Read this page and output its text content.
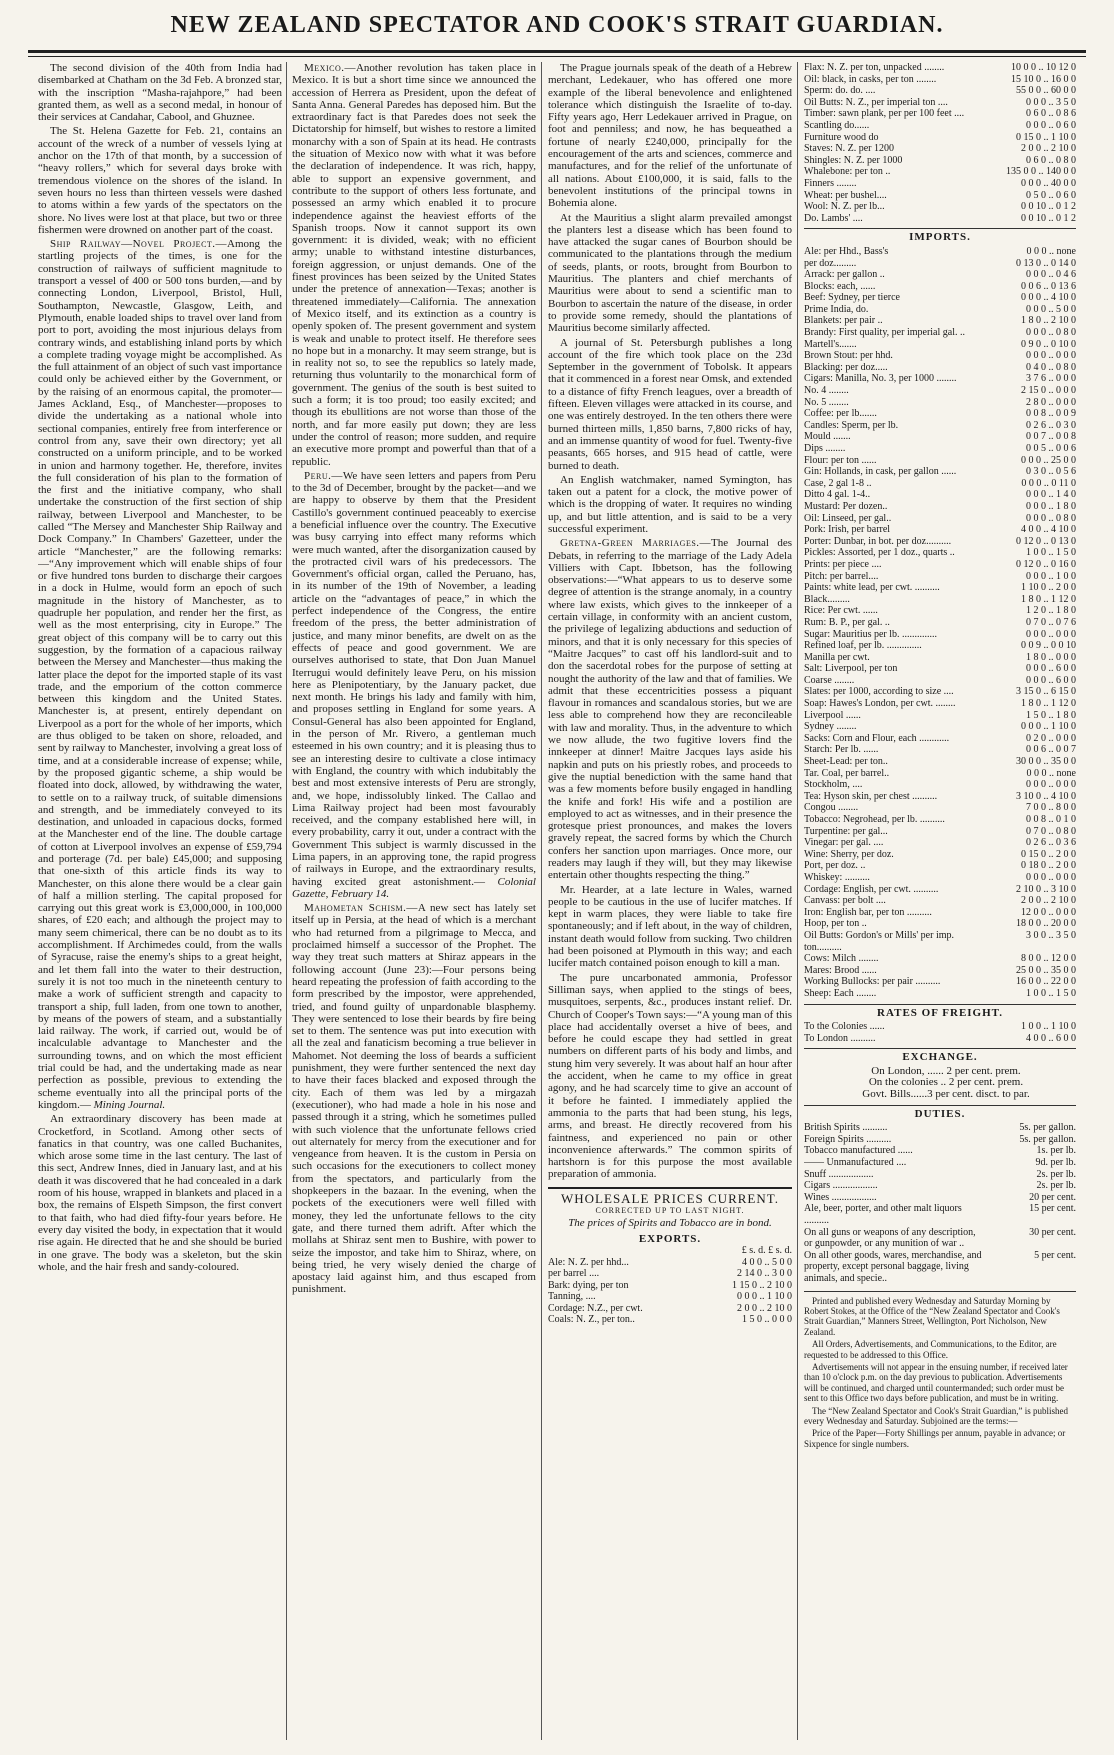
NEW ZEALAND SPECTATOR AND COOK'S STRAIT GUARDIAN.

The second division of the 40th from India had disembarked at Chatham on the 3d Feb. A bronzed star, with the inscription “Masha-rajahpore,” had been granted them, as well as a second medal, in honour of their services at Candahar, Cabool, and Ghuznee.

The St. Helena Gazette for Feb. 21, contains an account of the wreck of a number of vessels lying at anchor on the 17th of that month, by a succession of “heavy rollers,” which for several days broke with tremendous violence on the shores of the island. In seven hours no less than thirteen vessels were dashed to atoms within a few yards of the spectators on the shore. No lives were lost at that place, but two or three fishermen were drowned on another part of the coast.

Ship Railway—Novel Project.—Among the startling projects of the times, is one for the construction of railways of sufficient magnitude to transport a vessel of 400 or 500 tons burden,—and by connecting London, Liverpool, Bristol, Hull, Southampton, Newcastle, Glasgow, Leith, and Plymouth, enable loaded ships to travel over land from port to port, avoiding the most injurious delays from contrary winds, and establishing inland ports by which a complete trading voyage might be accomplished. As the full attainment of an object of such vast importance could only be achieved either by the Government, or by the raising of an enormous capital, the promoter—James Ackland, Esq., of Manchester—proposes to divide the undertaking as a national whole into sectional companies, entirely free from interference or control from any, save their own directory; yet all constructed on a uniform principle, and to be worked in union and harmony together. He, therefore, invites the full consideration of his plan to the formation of the first and the initiative company, who shall undertake the construction of the first section of ship railway, between Liverpool and Manchester, to be called “The Mersey and Manchester Ship Railway and Dock Company.” In Chambers' Gazetteer, under the article “Manchester,” are the following remarks:—“Any improvement which will enable ships of four or five hundred tons burden to discharge their cargoes in a dock in Hulme, would form an epoch of such magnitude in the history of Manchester, as to quadruple her population, and render her the first, as well as the most enterprising, city in Europe.” The great object of this company will be to carry out this suggestion, by the formation of a capacious railway between the Mersey and Manchester—thus making the latter place the depot for the imported staple of its vast trade, and the emporium of the cotton commerce between this kingdom and the United States. Manchester is, at present, entirely dependant on Liverpool as a port for the whole of her imports, which are thus obliged to be taken on shore, reloaded, and sent by railway to Manchester, involving a great loss of time, and at a considerable increase of expense; while, by the proposed gigantic scheme, a ship would be floated into dock, allowed, by withdrawing the water, to settle on to a railway truck, of suitable dimensions and strength, and be immediately conveyed to its destination, and unloaded in capacious docks, formed at the Manchester end of the line. The double cartage of cotton at Liverpool involves an expense of £59,794 and porterage (7d. per bale) £45,000; and supposing that one-sixth of this article finds its way to Manchester, on this alone there would be a clear gain of half a million sterling. The capital proposed for carrying out this great work is £3,000,000, in 100,000 shares, of £20 each; and although the project may to many seem chimerical, there can be no doubt as to its accomplishment. If Archimedes could, from the walls of Syracuse, raise the enemy's ships to a great height, and let them fall into the water to their destruction, surely it is not too much in the nineteenth century to make a work of sufficient strength and capacity to transport a ship, full laden, from one town to another, by means of the powers of steam, and a substantially laid railway. The work, if carried out, would be of incalculable advantage to Manchester and the surrounding towns, and on which the most efficient trial could be had, and the undertaking made as near perfection as possible, previous to extending the scheme eventually into all the principal ports of the kingdom.— Mining Journal.

An extraordinary discovery has been made at Crocketford, in Scotland. Among other sects of fanatics in that country, was one called Buchanites, which arose some time in the last century. The last of this sect, Andrew Innes, died in January last, and at his death it was discovered that he had concealed in a dark room of his house, wrapped in blankets and placed in a box, the remains of Elspeth Simpson, the first convert to that faith, who had died fifty-four years before. He every day visited the body, in expectation that it would rise again. He directed that he and she should be buried in one grave. The body was a skeleton, but the skin whole, and the hair fresh and sandy-coloured.

Mexico.—Another revolution has taken place in Mexico. It is but a short time since we announced the accession of Herrera as President, upon the defeat of Santa Anna. General Paredes has deposed him. But the extraordinary fact is that Paredes does not seek the Dictatorship for himself, but wishes to restore a limited monarchy with a son of Spain at its head. He contrasts the situation of Mexico now with what it was before the declaration of independence. It was rich, happy, able to support an expensive government, and contribute to the support of others less fortunate, and possessed an army which enabled it to procure independence against the heaviest efforts of the Spanish troops. Now it cannot support its own government: it is divided, weak; with no efficient army; unable to withstand intestine disturbances, foreign aggression, or unjust demands. One of the finest provinces has been seized by the United States under the pretence of annexation—Texas; another is threatened immediately—California. The annexation of Mexico itself, and its extinction as a country is openly spoken of. The present government and system is weak and unable to protect itself. He therefore sees no hope but in a monarchy. It may seem strange, but is in reality not so, to see the republics so lately made, returning thus voluntarily to the monarchical form of government. The genius of the south is best suited to such a form; it is too proud; too easily excited; and though its ebullitions are not worse than those of the north, and far more easily put down; they are less under the control of reason; more sudden, and require an executive more prompt and powerful than that of a republic.

Peru.—We have seen letters and papers from Peru to the 3d of December, brought by the packet—and we are happy to observe by them that the President Castillo's government continued peaceably to exercise a beneficial influence over the country. The Executive was busy carrying into effect many reforms which were much wanted, after the disorganization caused by the protracted civil wars of his predecessors. The Government's official organ, called the Peruano, has, in its number of the 19th of November, a leading article on the “advantages of peace,” in which the perfect independence of the Congress, the entire freedom of the press, the better administration of justice, and many minor benefits, are dwelt on as the effects of peace and good government. We are ourselves authorised to state, that Don Juan Manuel Iterrugui would definitely leave Peru, on his mission here as Plenipotentiary, by the January packet, due next month. He brings his lady and family with him, and proposes settling in England for some years. A Consul-General has also been appointed for England, in the person of Mr. Rivero, a gentleman much esteemed in his own country; and it is pleasing thus to see an interesting desire to cultivate a close intimacy with England, the country with which indubitably the best and most extensive interests of Peru are strongly, and, we hope, indissolubly linked. The Callao and Lima Railway project had been most favourably received, and the company established here will, in every probability, carry it out, under a contract with the Government This subject is warmly discussed in the Lima papers, in an approving tone, the rapid progress of railways in Europe, and the extraordinary results, having excited great astonishment.— Colonial Gazette, February 14.

Mahometan Schism.—A new sect has lately set itself up in Persia, at the head of which is a merchant who had returned from a pilgrimage to Mecca, and proclaimed himself a successor of the Prophet. The way they treat such matters at Shiraz appears in the following account (June 23):—Four persons being heard repeating the profession of faith according to the form prescribed by the impostor, were apprehended, tried, and found guilty of unpardonable blasphemy. They were sentenced to lose their beards by fire being set to them. The sentence was put into execution with all the zeal and fanaticism becoming a true believer in Mahomet. Not deeming the loss of beards a sufficient punishment, they were further sentenced the next day to have their faces blacked and exposed through the city. Each of them was led by a mirgazah (executioner), who had made a hole in his nose and passed through it a string, which he sometimes pulled with such violence that the unfortunate fellows cried out alternately for mercy from the executioner and for vengeance from heaven. It is the custom in Persia on such occasions for the executioners to collect money from the spectators, and particularly from the shopkeepers in the bazaar. In the evening, when the pockets of the executioners were well filled with money, they led the unfortunate fellows to the city gate, and there turned them adrift. After which the mollahs at Shiraz sent men to Bushire, with power to seize the impostor, and take him to Shiraz, where, on being tried, he very wisely denied the charge of apostacy laid against him, and thus escaped from punishment.

The Prague journals speak of the death of a Hebrew merchant, Ledekauer, who has offered one more example of the liberal benevolence and enlightened tolerance which distinguish the Israelite of to-day. Fifty years ago, Herr Ledekauer arrived in Prague, on foot and penniless; and now, he has bequeathed a fortune of nearly £240,000, principally for the encouragement of the arts and sciences, commerce and manufactures, and for the relief of the unfortunate of all nations. About £100,000, it is said, falls to the benevolent institutions of the principal towns in Bohemia alone.

At the Mauritius a slight alarm prevailed amongst the planters lest a disease which has been found to have attacked the sugar canes of Bourbon should be communicated to the plantations through the medium of seeds, plants, or roots, brought from Bourbon to Mauritius. The planters and chief merchants of Mauritius were about to send a scientific man to Bourbon to ascertain the nature of the disease, in order to provide some remedy, should the plantations of Mauritius become similarly affected.

A journal of St. Petersburgh publishes a long account of the fire which took place on the 23d September in the government of Tobolsk. It appears that it commenced in a forest near Omsk, and extended to a distance of fifty French leagues, over a breadth of fifteen. Eleven villages were attacked in its course, and one was entirely destroyed. In the ten others there were burned thirteen mills, 1,850 barns, 7,800 ricks of hay, and an immense quantity of wood for fuel. Twenty-five peasants, 665 horses, and 915 head of cattle, were burned to death.

An English watchmaker, named Symington, has taken out a patent for a clock, the motive power of which is the dropping of water. It requires no winding up, and but little attention, and is said to be a very successful experiment.

Gretna-Green Marriages.—The Journal des Debats, in referring to the marriage of the Lady Adela Villiers with Capt. Ibbetson, has the following observations:—“What appears to us to deserve some degree of attention is the strange anomaly, in a country where law exists, which gives to the innkeeper of a certain village, in conformity with an ancient custom, the privilege of legalizing abductions and seduction of minors, and that it is only necessary for this species of “Maitre Jacques” to cast off his landlord-suit and to don the sacerdotal robes for the purpose of setting at nought the authority of the law and that of families. We admit that these eccentricities possess a piquant flavour in romances and scandalous stories, but we are less able to comprehend how they are reconcileable with law and morality. Thus, in the adventure to which we now allude, the two fugitive lovers find the innkeeper at dinner! Maitre Jacques lays aside his napkin and puts on his priestly robes, and proceeds to give the nuptial benediction with the same hand that was a few moments before busily engaged in handling the knife and fork! His wife and a postilion are employed to act as witnesses, and in their presence the grotesque priest pronounces, and makes the lovers gravely repeat, the sacred forms by which the Church confers her sanction upon marriages. Once more, our readers may laugh if they will, but they may likewise entertain other thoughts respecting the thing.”

Mr. Hearder, at a late lecture in Wales, warned people to be cautious in the use of lucifer matches. If kept in warm places, they were liable to take fire spontaneously; and if left about, in the way of children, instant death would follow from sucking. Two children had been poisoned at Plymouth in this way; and each lucifer match contained poison enough to kill a man.

The pure uncarbonated ammonia, Professor Silliman says, when applied to the stings of bees, musquitoes, serpents, &c., produces instant relief. Dr. Church of Cooper's Town says:—“A young man of this place had accidentally overset a hive of bees, and before he could escape they had settled in great numbers on different parts of his body and limbs, and stung him very severely. It was about half an hour after the accident, when he came to my office in great agony, and he had scarcely time to give an account of it before he fainted. I immediately applied the ammonia to the parts that had been stung, his legs, arms, and breast. He directly recovered from his faintness, and experienced no pain or other inconvenience afterwards.” The common spirits of hartshorn is for this purpose the most available preparation of ammonia.

WHOLESALE PRICES CURRENT.
CORRECTED UP TO LAST NIGHT.
The prices of Spirits and Tobacco are in bond.
EXPORTS.
	£ s. d. £ s. d.
Ale: N. Z. per hhd...	4 0 0 .. 5 0 0
per barrel ....	2 14 0 .. 3 0 0
Bark: dying, per ton	1 15 0 .. 2 10 0
Tanning, ....	0 0 0 .. 1 10 0
Cordage: N.Z., per cwt.	2 0 0 .. 2 10 0
Coals: N. Z., per ton..	1 5 0 .. 0 0 0
Flax: N. Z. per ton, unpacked ........	10 0 0 .. 10 12 0
Oil: black, in casks, per ton ........	15 10 0 .. 16 0 0
Sperm: do. do. ....	55 0 0 .. 60 0 0
Oil Butts: N. Z., per imperial ton ....	0 0 0 .. 3 5 0
Timber: sawn plank, per per 100 feet ....	0 6 0 .. 0 8 6
Scantling do......	0 0 0 .. 0 6 0
Furniture wood do	0 15 0 .. 1 10 0
Staves: N. Z. per 1200	2 0 0 .. 2 10 0
Shingles: N. Z. per 1000	0 6 0 .. 0 8 0
Whalebone: per ton ..	135 0 0 .. 140 0 0
Finners ........	0 0 0 .. 40 0 0
Wheat: per bushel....	0 5 0 .. 0 6 0
Wool: N. Z. per lb...	0 0 10 .. 0 1 2
Do. Lambs' ....	0 0 10 .. 0 1 2
IMPORTS.
Ale: per Hhd., Bass's	0 0 0 .. none
per doz.........	0 13 0 .. 0 14 0
Arrack: per gallon ..	0 0 0 .. 0 4 6
Blocks: each, ......	0 0 6 .. 0 13 6
Beef: Sydney, per tierce	0 0 0 .. 4 10 0
Prime India, do.	0 0 0 .. 5 0 0
Blankets: per pair ..	1 8 0 .. 2 10 0
Brandy: First quality, per imperial gal. ..	0 0 0 .. 0 8 0
Martell's.......	0 9 0 .. 0 10 0
Brown Stout: per hhd.	0 0 0 .. 0 0 0
Blacking: per doz.....	0 4 0 .. 0 8 0
Cigars: Manilla, No. 3, per 1000 ........	3 7 6 .. 0 0 0
No. 4 ........	2 15 0 .. 0 0 0
No. 5 ........	2 8 0 .. 0 0 0
Coffee: per lb.......	0 0 8 .. 0 0 9
Candles: Sperm, per lb.	0 2 6 .. 0 3 0
Mould .......	0 0 7 .. 0 0 8
Dips ........	0 0 5 .. 0 0 6
Flour: per ton ......	0 0 0 .. 25 0 0
Gin: Hollands, in cask, per gallon ......	0 3 0 .. 0 5 6
Case, 2 gal 1-8 ..	0 0 0 .. 0 11 0
Ditto 4 gal. 1-4..	0 0 0 .. 1 4 0
Mustard: Per dozen..	0 0 0 .. 1 8 0
Oil: Linseed, per gal..	0 0 0 .. 0 8 0
Pork: Irish, per barrel	4 0 0 .. 4 10 0
Porter: Dunbar, in bot. per doz..........	0 12 0 .. 0 13 0
Pickles: Assorted, per 1 doz., quarts ..	1 0 0 .. 1 5 0
Prints: per piece ....	0 12 0 .. 0 16 0
Pitch: per barrel....	0 0 0 .. 1 0 0
Paints: white lead, per cwt. ..........	1 10 0 .. 2 0 0
Black.........	1 8 0 .. 1 12 0
Rice: Per cwt. ......	1 2 0 .. 1 8 0
Rum: B. P., per gal. ..	0 7 0 .. 0 7 6
Sugar: Mauritius per lb. ..............	0 0 0 .. 0 0 0
Refined loaf, per lb. ..............	0 0 9 .. 0 0 10
Manilla per cwt.	1 8 0 .. 0 0 0
Salt: Liverpool, per ton	0 0 0 .. 6 0 0
Coarse ........	0 0 0 .. 6 0 0
Slates: per 1000, according to size ....	3 15 0 .. 6 15 0
Soap: Hawes's London, per cwt. ........	1 8 0 .. 1 12 0
Liverpool ......	1 5 0 .. 1 8 0
Sydney ........	0 0 0 .. 1 10 0
Sacks: Corn and Flour, each ............	0 2 0 .. 0 0 0
Starch: Per lb. ......	0 0 6 .. 0 0 7
Sheet-Lead: per ton..	30 0 0 .. 35 0 0
Tar. Coal, per barrel..	0 0 0 .. none
Stockholm, ....	0 0 0 .. 0 0 0
Tea: Hyson skin, per chest ..........	3 10 0 .. 4 10 0
Congou ........	7 0 0 .. 8 0 0
Tobacco: Negrohead, per lb. ..........	0 0 8 .. 0 1 0
Turpentine: per gal...	0 7 0 .. 0 8 0
Vinegar: per gal. ....	0 2 6 .. 0 3 6
Wine: Sherry, per doz.	0 15 0 .. 2 0 0
Port, per doz. ..	0 18 0 .. 2 0 0
Whiskey: ..........	0 0 0 .. 0 0 0
Cordage: English, per cwt. ..........	2 10 0 .. 3 10 0
Canvass: per bolt ....	2 0 0 .. 2 10 0
Iron: English bar, per ton ..........	12 0 0 .. 0 0 0
Hoop, per ton ..	18 0 0 .. 20 0 0
Oil Butts: Gordon's or Mills' per imp. ton..........	3 0 0 .. 3 5 0
Cows: Milch ........	8 0 0 .. 12 0 0
Mares: Brood ......	25 0 0 .. 35 0 0
Working Bullocks: per pair ..........	16 0 0 .. 22 0 0
Sheep: Each ........	1 0 0 .. 1 5 0
RATES OF FREIGHT.
To the Colonies ......	1 0 0 .. 1 10 0
To London ..........	4 0 0 .. 6 0 0
EXCHANGE.

On London, ...... 2 per cent. prem.

On the colonies .. 2 per cent. prem.

Govt. Bills......3 per cent. disct. to par.

DUTIES.
British Spirits ..........	5s. per gallon.
Foreign Spirits ..........	5s. per gallon.
Tobacco manufactured ......	1s. per lb.
—— Unmanufactured ....	9d. per lb.
Snuff ..................	2s. per lb.
Cigars ..................	2s. per lb.
Wines ..................	20 per cent.
Ale, beer, porter, and other malt liquors ..........	15 per cent.
On all guns or weapons of any description, or gunpowder, or any munition of war ..	30 per cent.
On all other goods, wares, merchandise, and property, except personal baggage, living animals, and specie..	5 per cent.

Printed and published every Wednesday and Saturday Morning by Robert Stokes, at the Office of the “New Zealand Spectator and Cook's Strait Guardian,” Manners Street, Wellington, Port Nicholson, New Zealand.

All Orders, Advertisements, and Communications, to the Editor, are requested to be addressed to this Office.

Advertisements will not appear in the ensuing number, if received later than 10 o'clock p.m. on the day previous to publication. Advertisements will be continued, and charged until countermanded; such order must be sent to this Office two days before publication, and must be in writing.

The “New Zealand Spectator and Cook's Strait Guardian,” is published every Wednesday and Saturday. Subjoined are the terms:—

Price of the Paper—Forty Shillings per annum, payable in advance; or Sixpence for single numbers.
